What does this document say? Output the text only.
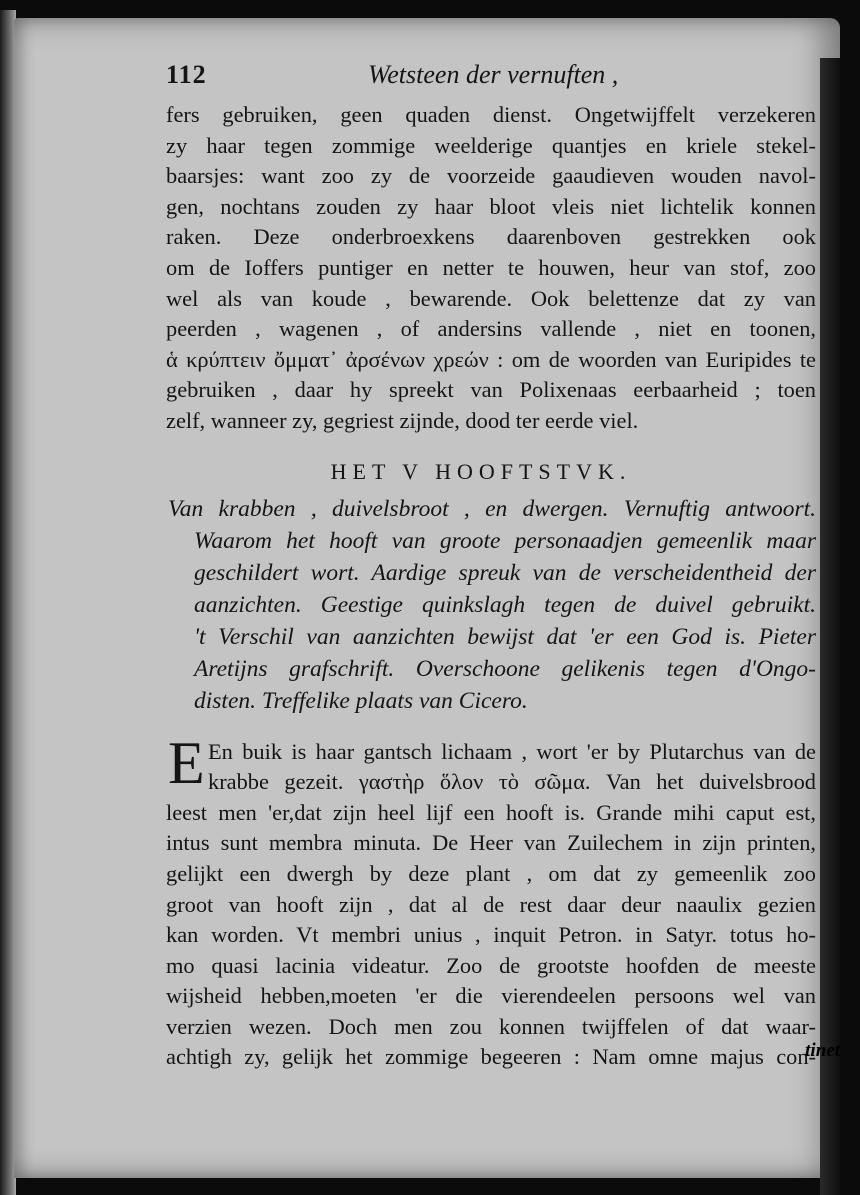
112	Wetsteen der vernuften ,
fers gebruiken, geen quaden dienst. Ongetwijffelt verzekeren
zy haar tegen zommige weelderige quantjes en kriele stekel-
baarsjes: want zoo zy de voorzeide gaaudieven wouden navol-
gen, nochtans zouden zy haar bloot vleis niet lichtelik konnen
raken. Deze onderbroexkens daarenboven gestrekken ook
om de Ioffers puntiger en netter te houwen, heur van stof, zoo
wel als van koude , bewarende. Ook belettenze dat zy van
peerden , wagenen , of andersins vallende , niet en toonen,
ἁ κρύπτειν ὄμματ᾽ ἀρσένων χρεών : om de woorden van Euripides te
gebruiken , daar hy spreekt van Polixenaas eerbaarheid ; toen
zelf, wanneer zy, gegriest zijnde, dood ter eerde viel.
HET V HOOFTSTVK.
Van krabben , duivelsbroot , en dwergen. Vernuftig antwoort.
Waarom het hooft van groote personaadjen gemeenlik maar
geschildert wort. Aardige spreuk van de verscheidentheid der
aanzichten. Geestige quinkslagh tegen de duivel gebruikt.
't Verschil van aanzichten bewijst dat 'er een God is. Pieter
Aretijns grafschrift. Overschoone gelikenis tegen d'Ongo-
disten. Treffelike plaats van Cicero.
E En buik is haar gantsch lichaam , wort 'er by Plutarchus van de
krabbe gezeit. γαστὴρ ὅλον τὸ σῶμα. Van het duivelsbrood
leest men 'er,dat zijn heel lijf een hooft is. Grande mihi caput est,
intus sunt membra minuta. De Heer van Zuilechem in zijn printen,
gelijkt een dwergh by deze plant , om dat zy gemeenlik zoo
groot van hooft zijn , dat al de rest daar deur naaulix gezien
kan worden. Vt membri unius , inquit Petron. in Satyr. totus ho-
mo quasi lacinia videatur. Zoo de grootste hoofden de meeste
wijsheid hebben,moeten 'er die vierendeelen persoons wel van
verzien wezen. Doch men zou konnen twijffelen of dat waar-
achtigh zy, gelijk het zommige begeeren : Nam omne majus con-
tinet
